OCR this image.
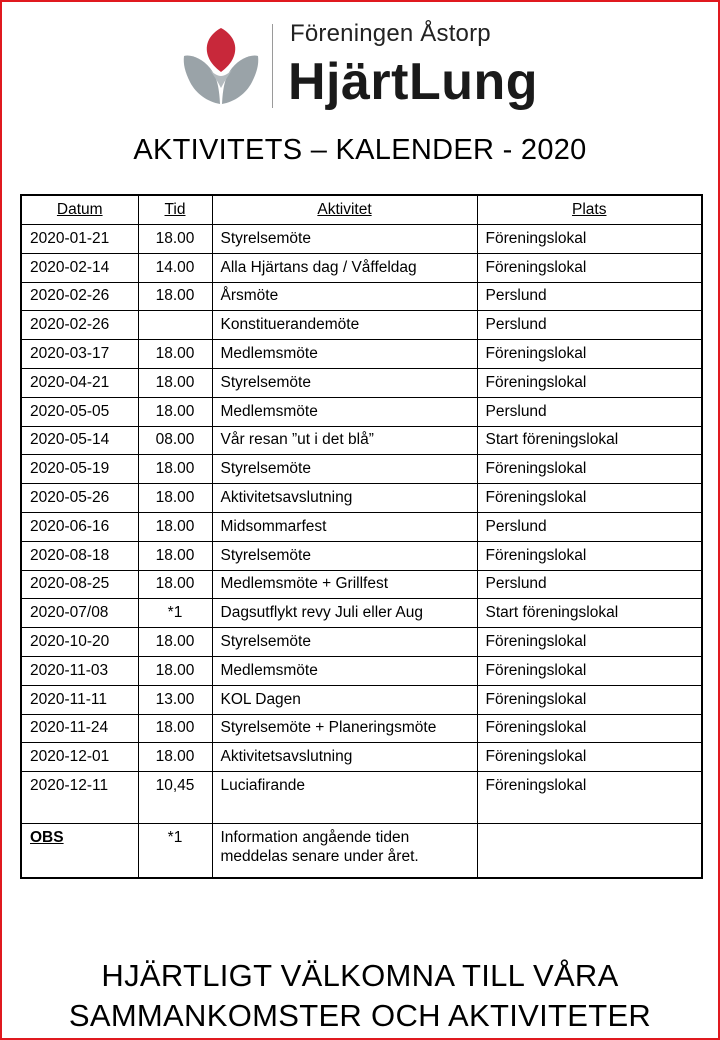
Föreningen Åstorp
HjärtLung
AKTIVITETS – KALENDER - 2020
Datum	Tid	Aktivitet	Plats
2020-01-21	18.00	Styrelsemöte	Föreningslokal
2020-02-14	14.00	Alla Hjärtans dag / Våffeldag	Föreningslokal
2020-02-26	18.00	Årsmöte	Perslund
2020-02-26		Konstituerandemöte	Perslund
2020-03-17	18.00	Medlemsmöte	Föreningslokal
2020-04-21	18.00	Styrelsemöte	Föreningslokal
2020-05-05	18.00	Medlemsmöte	Perslund
2020-05-14	08.00	Vår resan ”ut i det blå”	Start föreningslokal
2020-05-19	18.00	Styrelsemöte	Föreningslokal
2020-05-26	18.00	Aktivitetsavslutning	Föreningslokal
2020-06-16	18.00	Midsommarfest	Perslund
2020-08-18	18.00	Styrelsemöte	Föreningslokal
2020-08-25	18.00	Medlemsmöte + Grillfest	Perslund
2020-07/08	*1	Dagsutflykt revy Juli eller Aug	Start föreningslokal
2020-10-20	18.00	Styrelsemöte	Föreningslokal
2020-11-03	18.00	Medlemsmöte	Föreningslokal
2020-11-11	13.00	KOL Dagen	Föreningslokal
2020-11-24	18.00	Styrelsemöte + Planeringsmöte	Föreningslokal
2020-12-01	18.00	Aktivitetsavslutning	Föreningslokal
2020-12-11	10,45	Luciafirande	Föreningslokal
OBS	*1	Information angående tiden
meddelas senare under året.	
HJÄRTLIGT VÄLKOMNA TILL VÅRA
SAMMANKOMSTER OCH AKTIVITETER
